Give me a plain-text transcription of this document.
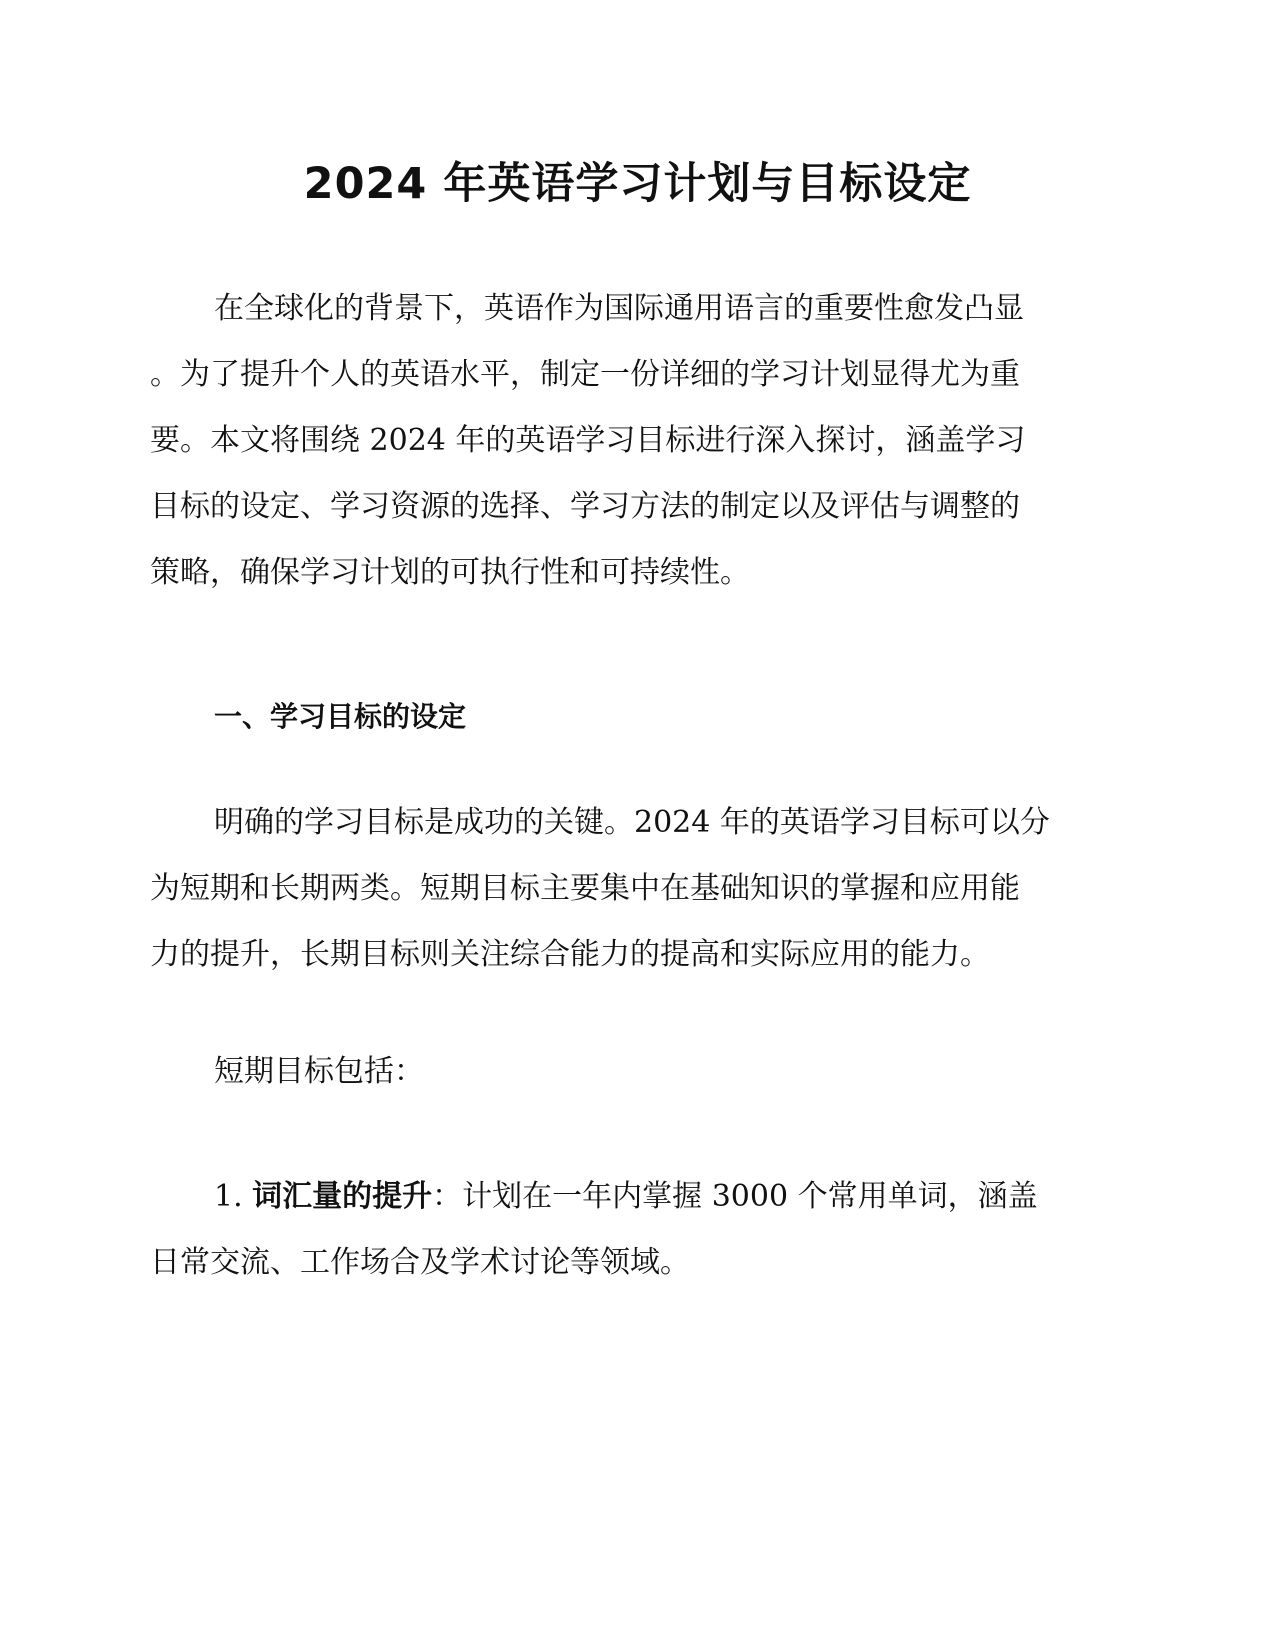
2024 年英语学习计划与目标设定
在全球化的背景下，英语作为国际通用语言的重要性愈发凸显
。为了提升个人的英语水平，制定一份详细的学习计划显得尤为重
要。本文将围绕 2024 年的英语学习目标进行深入探讨，涵盖学习
目标的设定、学习资源的选择、学习方法的制定以及评估与调整的
策略，确保学习计划的可执行性和可持续性。
一、学习目标的设定
明确的学习目标是成功的关键。2024 年的英语学习目标可以分
为短期和长期两类。短期目标主要集中在基础知识的掌握和应用能
力的提升，长期目标则关注综合能力的提高和实际应用的能力。
短期目标包括：
1. 词汇量的提升：计划在一年内掌握 3000 个常用单词，涵盖
日常交流、工作场合及学术讨论等领域。
